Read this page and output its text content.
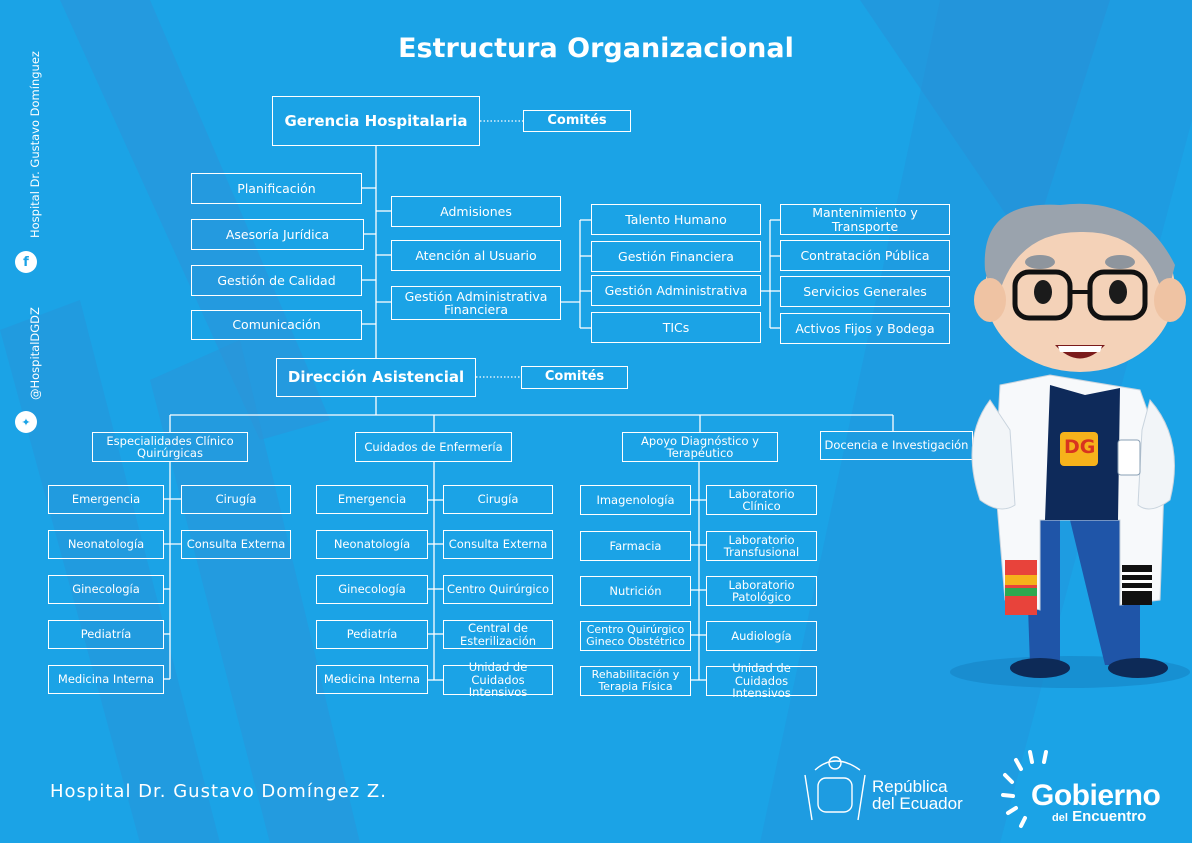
Estructura Organizacional
Hospital Dr. Gustavo Domínguez
f
@HospitalDGDZ
✦
Gerencia Hospitalaria	Comités
Planificación
Asesoría Jurídica
Gestión de Calidad
Comunicación
Admisiones
Atención al Usuario
Gestión Administrativa Financiera
Talento Humano
Gestión Financiera
Gestión Administrativa
TICs
Mantenimiento y Transporte
Contratación Pública
Servicios Generales
Activos Fijos y Bodega
Dirección Asistencial	Comités
Especialidades Clínico Quirúrgicas	Cuidados de Enfermería	Apoyo Diagnóstico y Terapéutico
Docencia e Investigación
Emergencia
Neonatología
Ginecología
Pediatría
Medicina Interna
Cirugía
Consulta Externa
Emergencia
Neonatología
Ginecología
Pediatría
Medicina Interna
Cirugía
Consulta Externa
Centro Quirúrgico
Central de Esterilización
Unidad de Cuidados Intensivos
Imagenología
Farmacia
Nutrición
Centro Quirúrgico Gineco Obstétrico
Rehabilitación y Terapia Física
Laboratorio Clínico
Laboratorio Transfusional
Laboratorio Patológico
Audiología
Unidad de Cuidados Intensivos
DG
Hospital Dr. Gustavo Domíngez Z.	República
del Ecuador Gobierno
del Encuentro
